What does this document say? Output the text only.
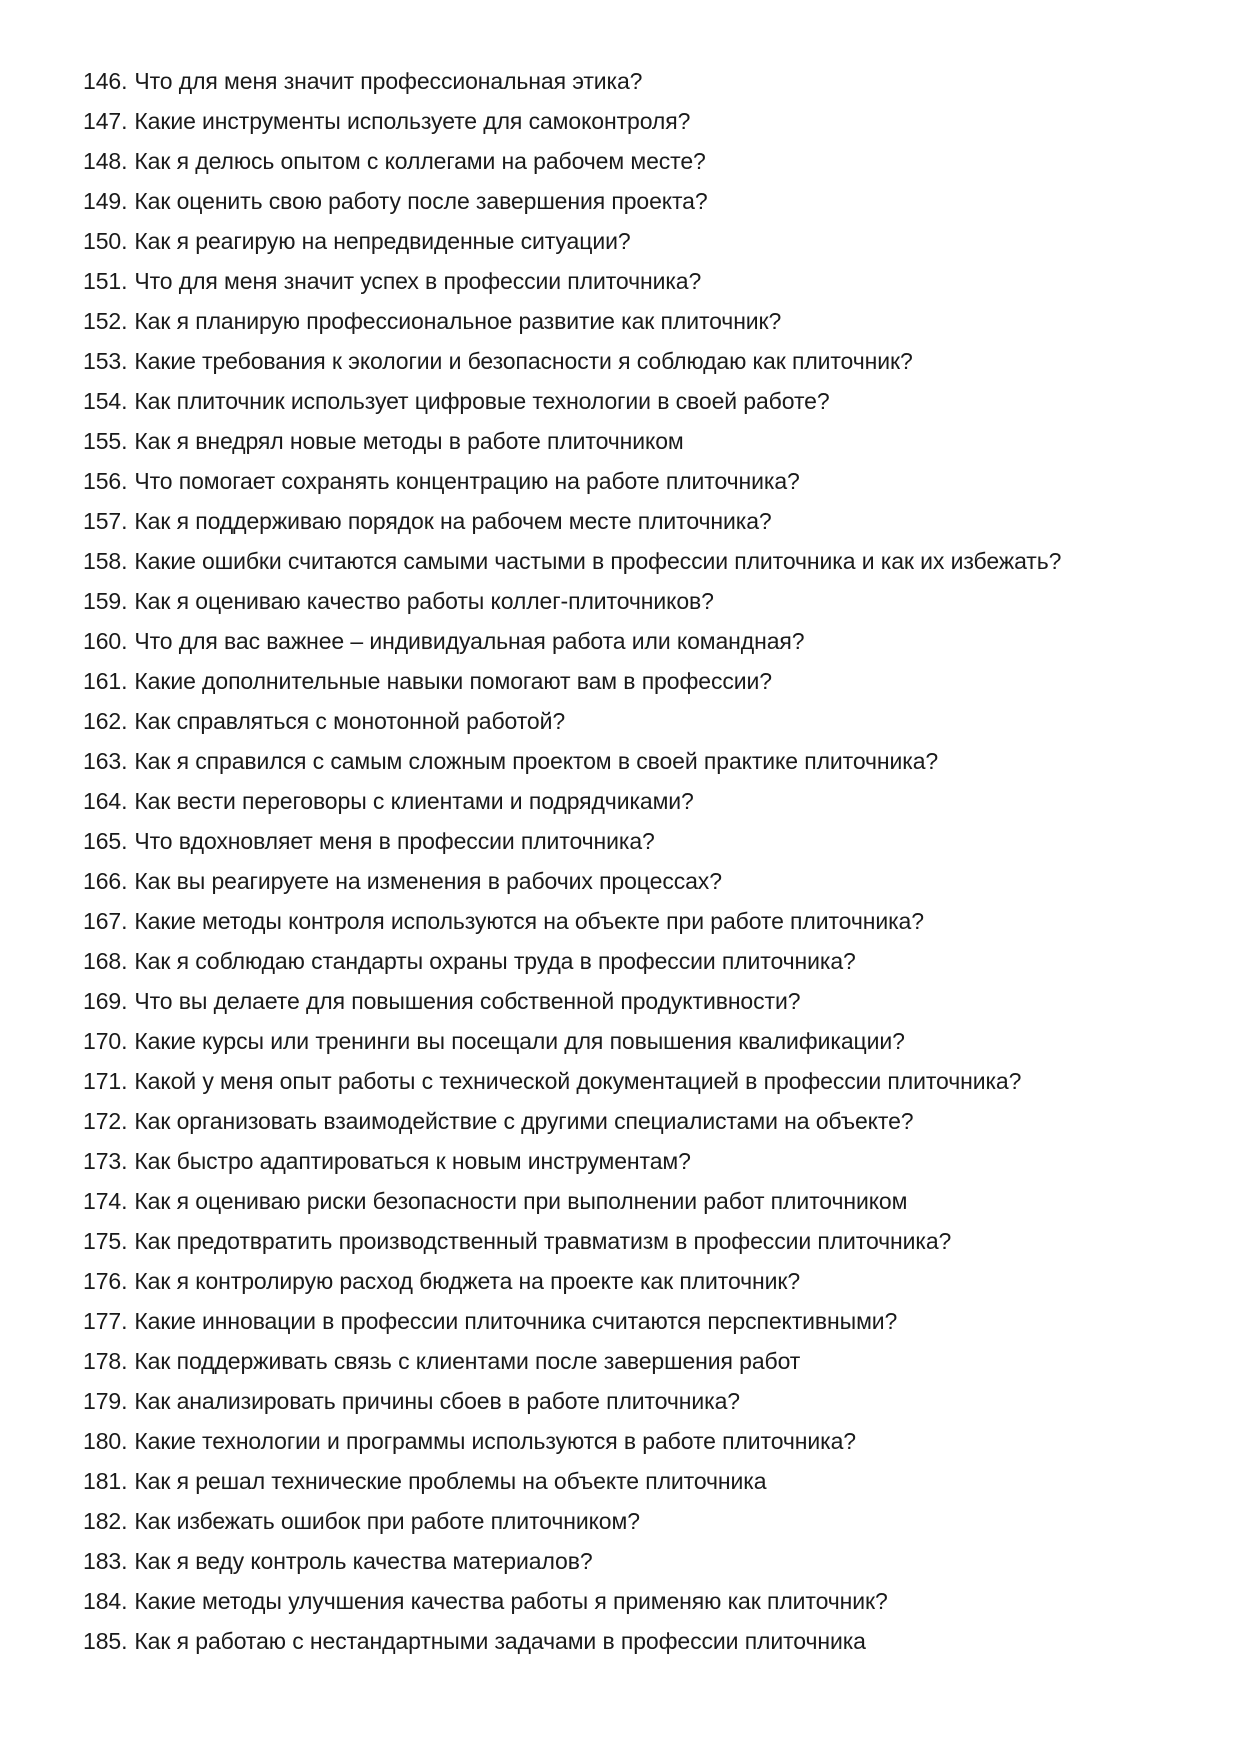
146. Что для меня значит профессиональная этика?
147. Какие инструменты используете для самоконтроля?
148. Как я делюсь опытом с коллегами на рабочем месте?
149. Как оценить свою работу после завершения проекта?
150. Как я реагирую на непредвиденные ситуации?
151. Что для меня значит успех в профессии плиточника?
152. Как я планирую профессиональное развитие как плиточник?
153. Какие требования к экологии и безопасности я соблюдаю как плиточник?
154. Как плиточник использует цифровые технологии в своей работе?
155. Как я внедрял новые методы в работе плиточником
156. Что помогает сохранять концентрацию на работе плиточника?
157. Как я поддерживаю порядок на рабочем месте плиточника?
158. Какие ошибки считаются самыми частыми в профессии плиточника и как их избежать?
159. Как я оцениваю качество работы коллег-плиточников?
160. Что для вас важнее – индивидуальная работа или командная?
161. Какие дополнительные навыки помогают вам в профессии?
162. Как справляться с монотонной работой?
163. Как я справился с самым сложным проектом в своей практике плиточника?
164. Как вести переговоры с клиентами и подрядчиками?
165. Что вдохновляет меня в профессии плиточника?
166. Как вы реагируете на изменения в рабочих процессах?
167. Какие методы контроля используются на объекте при работе плиточника?
168. Как я соблюдаю стандарты охраны труда в профессии плиточника?
169. Что вы делаете для повышения собственной продуктивности?
170. Какие курсы или тренинги вы посещали для повышения квалификации?
171. Какой у меня опыт работы с технической документацией в профессии плиточника?
172. Как организовать взаимодействие с другими специалистами на объекте?
173. Как быстро адаптироваться к новым инструментам?
174. Как я оцениваю риски безопасности при выполнении работ плиточником
175. Как предотвратить производственный травматизм в профессии плиточника?
176. Как я контролирую расход бюджета на проекте как плиточник?
177. Какие инновации в профессии плиточника считаются перспективными?
178. Как поддерживать связь с клиентами после завершения работ
179. Как анализировать причины сбоев в работе плиточника?
180. Какие технологии и программы используются в работе плиточника?
181. Как я решал технические проблемы на объекте плиточника
182. Как избежать ошибок при работе плиточником?
183. Как я веду контроль качества материалов?
184. Какие методы улучшения качества работы я применяю как плиточник?
185. Как я работаю с нестандартными задачами в профессии плиточника
